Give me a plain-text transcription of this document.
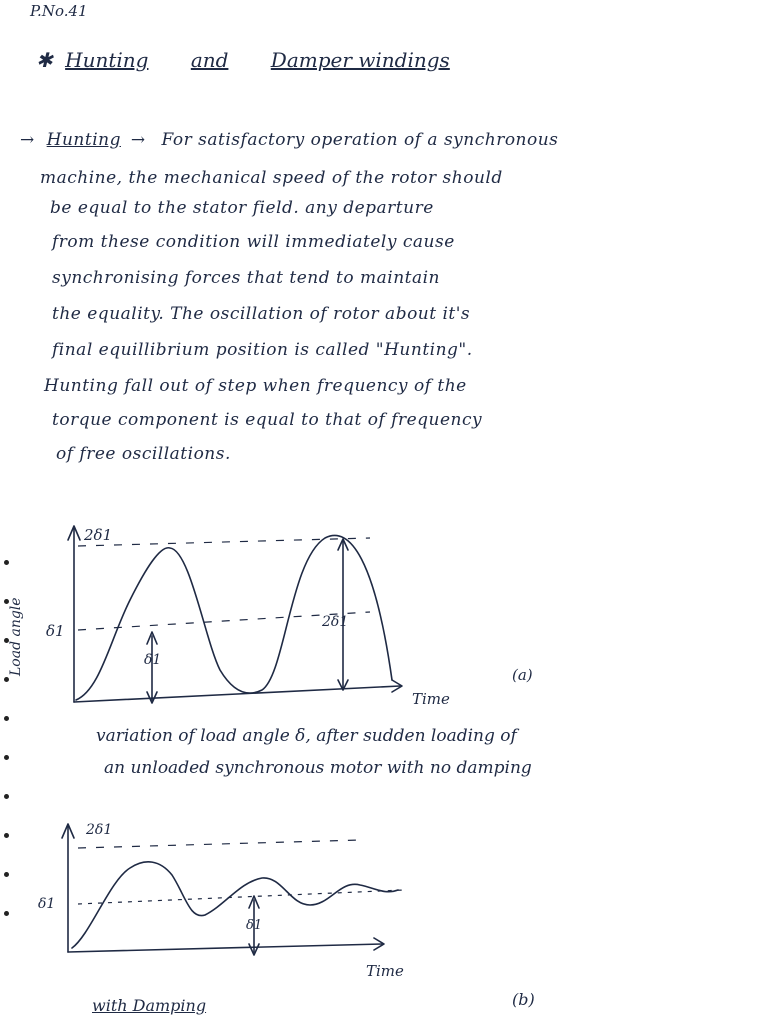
P.No.41
✱ Hunting and Damper windings
→ Hunting → For satisfactory operation of a synchronous
machine, the mechanical speed of the rotor should
be equal to the stator field. any departure
from these condition will immediately cause
synchronising forces that tend to maintain
the equality. The oscillation of rotor about it's
final equillibrium position is called "Hunting".
Hunting fall out of step when frequency of the
torque component is equal to that of frequency
of free oscillations.
Load angle
2δ1
δ1
δ1
2δ1
Time
(a)
variation of load angle δ, after sudden loading of
an unloaded synchronous motor with no damping
2δ1
δ1
δ1
Time
with Damping	(b)
